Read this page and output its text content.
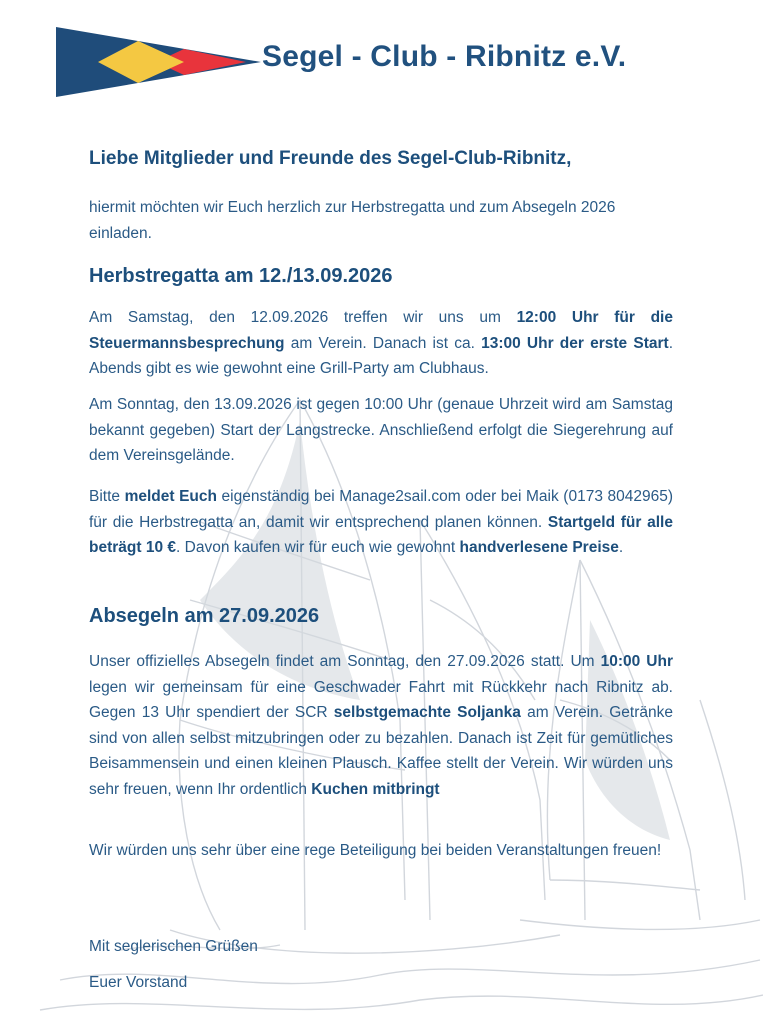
Segel - Club - Ribnitz e.V.
Liebe Mitglieder und Freunde des Segel-Club-Ribnitz,

hiermit möchten wir Euch herzlich zur Herbstregatta und zum Absegeln 2026 einladen.

Herbstregatta am 12./13.09.2026

Am Samstag, den 12.09.2026 treffen wir uns um 12:00 Uhr für die Steuermannsbesprechung am Verein. Danach ist ca. 13:00 Uhr der erste Start. Abends gibt es wie gewohnt eine Grill-Party am Clubhaus.

Am Sonntag, den 13.09.2026 ist gegen 10:00 Uhr (genaue Uhrzeit wird am Samstag bekannt gegeben) Start der Langstrecke. Anschließend erfolgt die Siegerehrung auf dem Vereinsgelände.

Bitte meldet Euch eigenständig bei Manage2sail.com oder bei Maik (0173 8042965) für die Herbstregatta an, damit wir entsprechend planen können. Startgeld für alle beträgt 10 €. Davon kaufen wir für euch wie gewohnt handverlesene Preise.

Absegeln am 27.09.2026

Unser offizielles Absegeln findet am Sonntag, den 27.09.2026 statt. Um 10:00 Uhr legen wir gemeinsam für eine Geschwader Fahrt mit Rückkehr nach Ribnitz ab. Gegen 13 Uhr spendiert der SCR selbstgemachte Soljanka am Verein. Getränke sind von allen selbst mitzubringen oder zu bezahlen. Danach ist Zeit für gemütliches Beisammensein und einen kleinen Plausch. Kaffee stellt der Verein. Wir würden uns sehr freuen, wenn Ihr ordentlich Kuchen mitbringt

Wir würden uns sehr über eine rege Beteiligung bei beiden Veranstaltungen freuen!

Mit seglerischen Grüßen

Euer Vorstand
